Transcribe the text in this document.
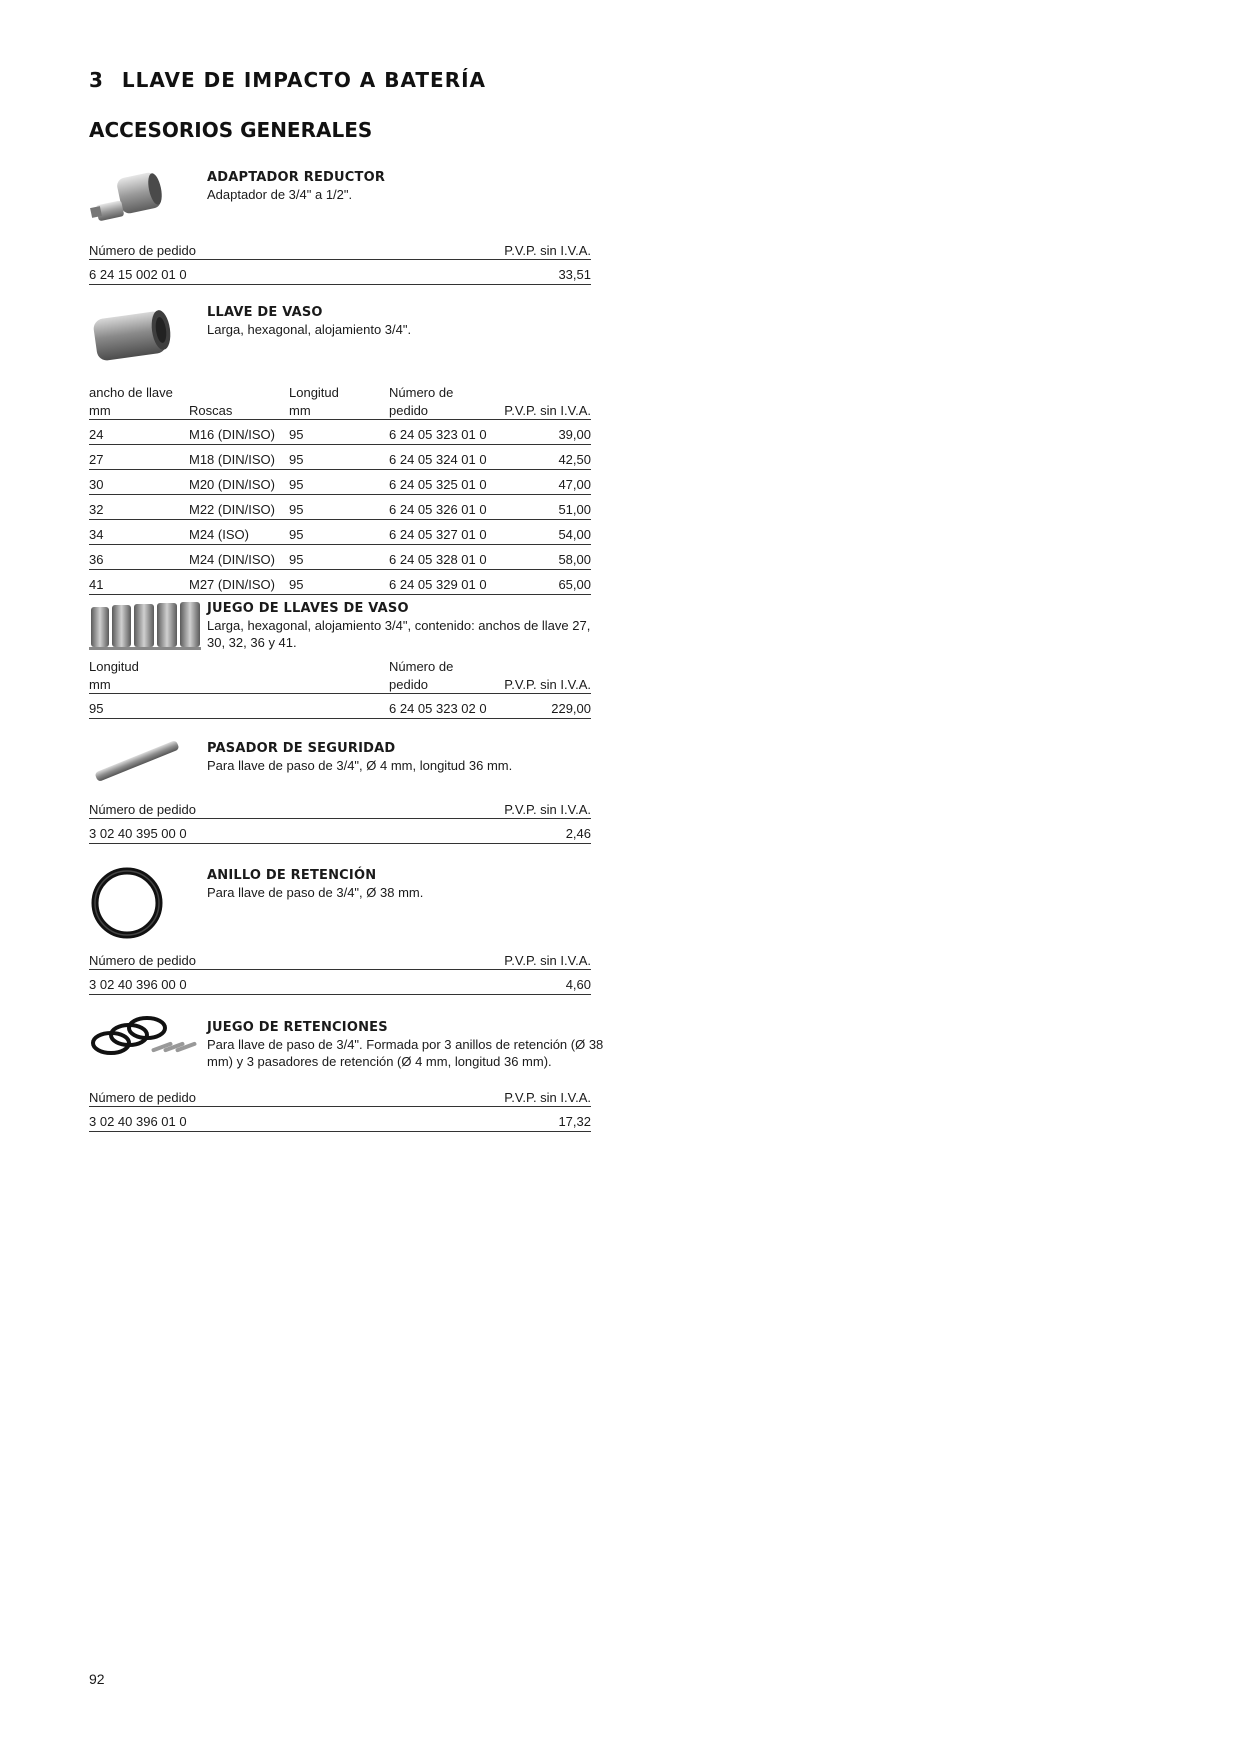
3 LLAVE DE IMPACTO A BATERÍA
ACCESORIOS GENERALES

ADAPTADOR REDUCTOR

Adaptador de 3/4" a 1/2".

Número de pedido	P.V.P. sin I.V.A.
6 24 15 002 01 0	33,51

LLAVE DE VASO

Larga, hexagonal, alojamiento 3/4".

ancho de llave		Longitud	Número de	
mm	Roscas	mm	pedido	P.V.P. sin I.V.A.
24	M16 (DIN/ISO)	95	6 24 05 323 01 0	39,00
27	M18 (DIN/ISO)	95	6 24 05 324 01 0	42,50
30	M20 (DIN/ISO)	95	6 24 05 325 01 0	47,00
32	M22 (DIN/ISO)	95	6 24 05 326 01 0	51,00
34	M24 (ISO)	95	6 24 05 327 01 0	54,00
36	M24 (DIN/ISO)	95	6 24 05 328 01 0	58,00
41	M27 (DIN/ISO)	95	6 24 05 329 01 0	65,00

JUEGO DE LLAVES DE VASO

Larga, hexagonal, alojamiento 3/4", contenido: anchos de llave 27, 30, 32, 36 y 41.

Longitud	Número de	
mm	pedido	P.V.P. sin I.V.A.
95	6 24 05 323 02 0	229,00

PASADOR DE SEGURIDAD

Para llave de paso de 3/4", Ø 4 mm, longitud 36 mm.

Número de pedido	P.V.P. sin I.V.A.
3 02 40 395 00 0	2,46

ANILLO DE RETENCIÓN

Para llave de paso de 3/4", Ø 38 mm.

Número de pedido	P.V.P. sin I.V.A.
3 02 40 396 00 0	4,60

JUEGO DE RETENCIONES

Para llave de paso de 3/4". Formada por 3 anillos de retención (Ø 38 mm) y 3 pasadores de retención (Ø 4 mm, longitud 36 mm).

Número de pedido	P.V.P. sin I.V.A.
3 02 40 396 01 0	17,32
92
